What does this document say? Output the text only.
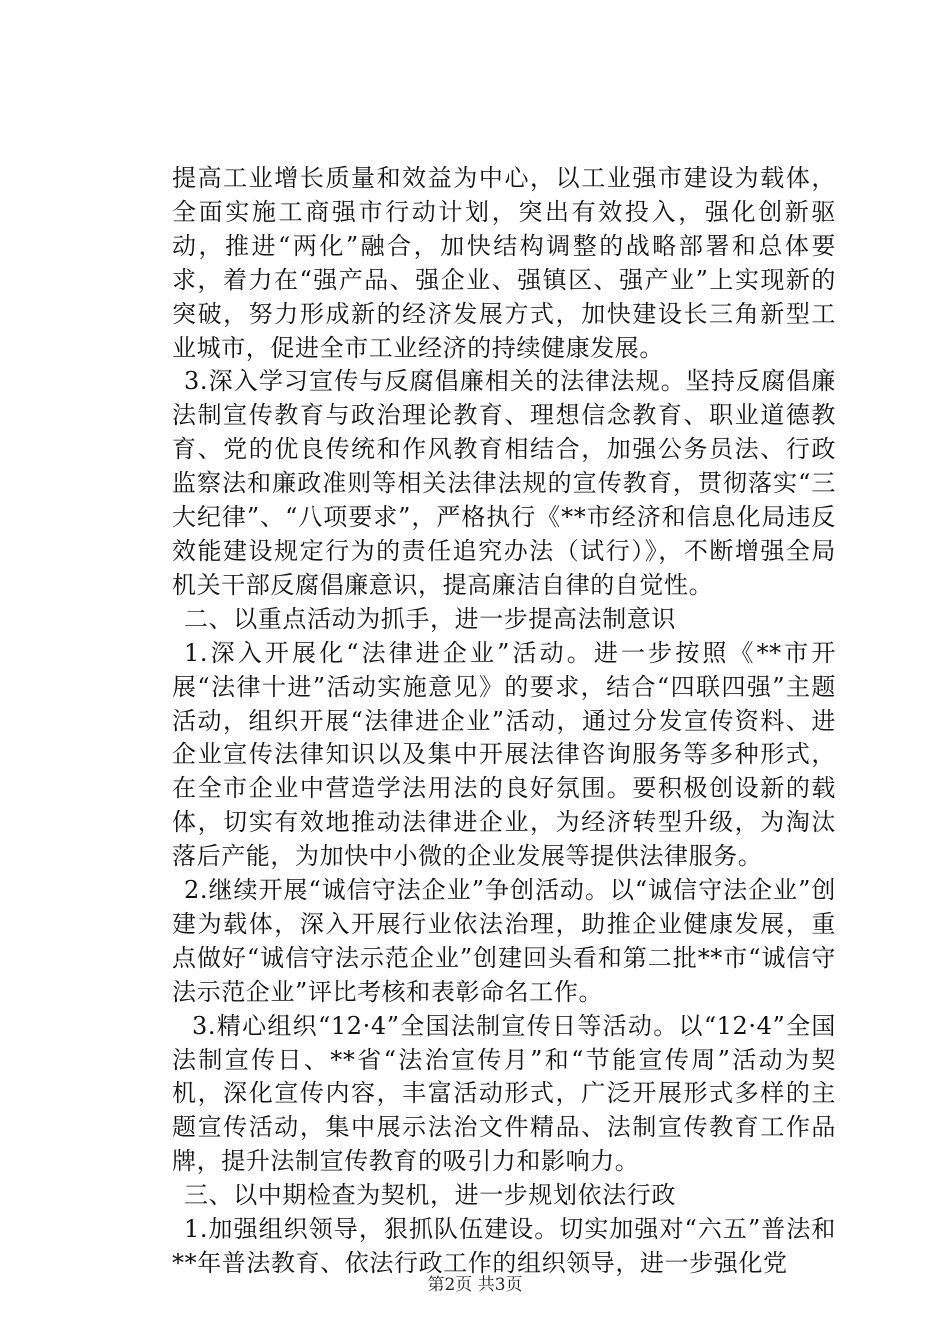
提高工业增长质量和效益为中心，以工业强市建设为载体，全面实施工商强市行动计划，突出有效投入，强化创新驱动，推进“两化”融合，加快结构调整的战略部署和总体要求，着力在“强产品、强企业、强镇区、强产业”上实现新的突破，努力形成新的经济发展方式，加快建设长三角新型工业城市，促进全市工业经济的持续健康发展。

3.深入学习宣传与反腐倡廉相关的法律法规。坚持反腐倡廉法制宣传教育与政治理论教育、理想信念教育、职业道德教育、党的优良传统和作风教育相结合，加强公务员法、行政监察法和廉政准则等相关法律法规的宣传教育，贯彻落实“三大纪律”、“八项要求”，严格执行《**市经济和信息化局违反效能建设规定行为的责任追究办法（试行）》，不断增强全局机关干部反腐倡廉意识，提高廉洁自律的自觉性。

二、以重点活动为抓手，进一步提高法制意识

1.深入开展化“法律进企业”活动。进一步按照《**市开展“法律十进”活动实施意见》的要求，结合“四联四强”主题活动，组织开展“法律进企业”活动，通过分发宣传资料、进企业宣传法律知识以及集中开展法律咨询服务等多种形式，在全市企业中营造学法用法的良好氛围。要积极创设新的载体，切实有效地推动法律进企业，为经济转型升级，为淘汰落后产能，为加快中小微的企业发展等提供法律服务。

2.继续开展“诚信守法企业”争创活动。以“诚信守法企业”创建为载体，深入开展行业依法治理，助推企业健康发展，重点做好“诚信守法示范企业”创建回头看和第二批**市“诚信守法示范企业”评比考核和表彰命名工作。

3.精心组织“12·4”全国法制宣传日等活动。以“12·4”全国法制宣传日、**省“法治宣传月”和“节能宣传周”活动为契机，深化宣传内容，丰富活动形式，广泛开展形式多样的主题宣传活动，集中展示法治文件精品、法制宣传教育工作品牌，提升法制宣传教育的吸引力和影响力。

三、以中期检查为契机，进一步规划依法行政

1.加强组织领导，狠抓队伍建设。切实加强对“六五”普法和**年普法教育、依法行政工作的组织领导，进一步强化党

第2页 共3页
